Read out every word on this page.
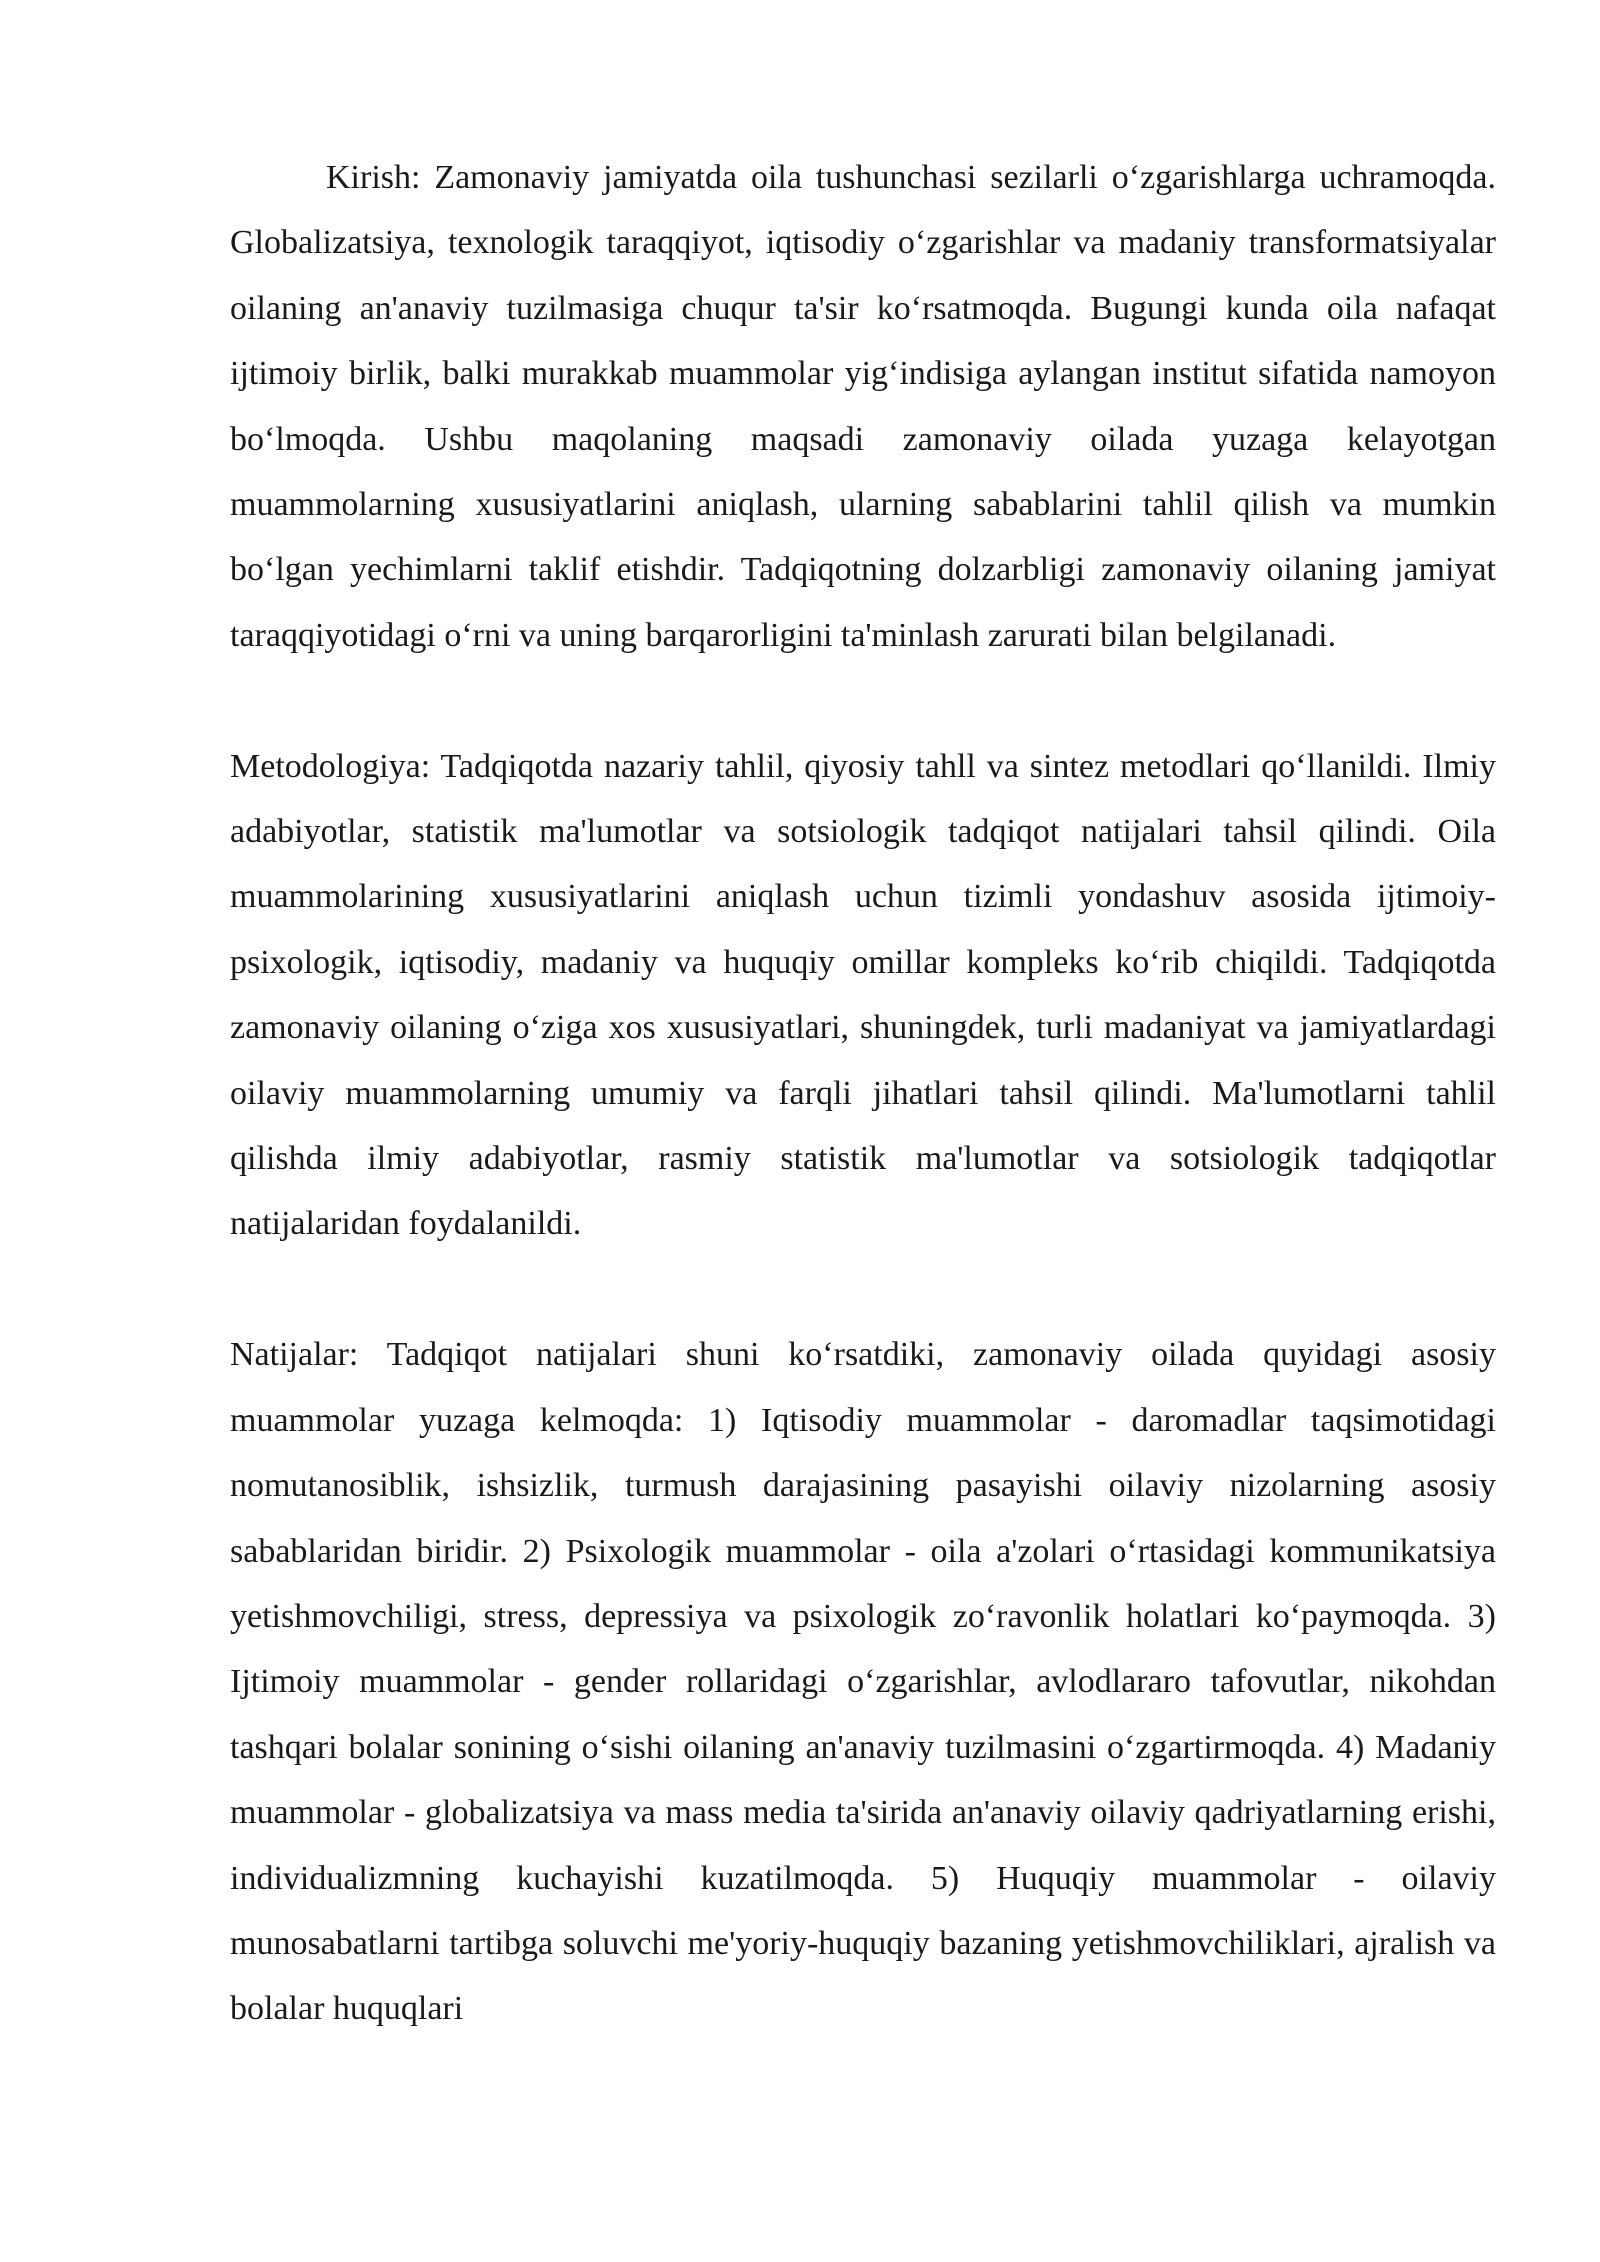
Kirish: Zamonaviy jamiyatda oila tushunchasi sezilarli o‘zgarishlarga uchramoqda. Globalizatsiya, texnologik taraqqiyot, iqtisodiy o‘zgarishlar va madaniy transformatsiyalar oilaning an'anaviy tuzilmasiga chuqur ta'sir ko‘rsatmoqda. Bugungi kunda oila nafaqat ijtimoiy birlik, balki murakkab muammolar yig‘indisiga aylangan institut sifatida namoyon bo‘lmoqda. Ushbu maqolaning maqsadi zamonaviy oilada yuzaga kelayotgan muammolarning xususiyatlarini aniqlash, ularning sabablarini tahlil qilish va mumkin bo‘lgan yechimlarni taklif etishdir. Tadqiqotning dolzarbligi zamonaviy oilaning jamiyat taraqqiyotidagi o‘rni va uning barqarorligini ta'minlash zarurati bilan belgilanadi.

Metodologiya: Tadqiqotda nazariy tahlil, qiyosiy tahll va sintez metodlari qo‘llanildi. Ilmiy adabiyotlar, statistik ma'lumotlar va sotsiologik tadqiqot natijalari tahsil qilindi. Oila muammolarining xususiyatlarini aniqlash uchun tizimli yondashuv asosida ijtimoiy-psixologik, iqtisodiy, madaniy va huquqiy omillar kompleks ko‘rib chiqildi. Tadqiqotda zamonaviy oilaning o‘ziga xos xususiyatlari, shuningdek, turli madaniyat va jamiyatlardagi oilaviy muammolarning umumiy va farqli jihatlari tahsil qilindi. Ma'lumotlarni tahlil qilishda ilmiy adabiyotlar, rasmiy statistik ma'lumotlar va sotsiologik tadqiqotlar natijalaridan foydalanildi.

Natijalar: Tadqiqot natijalari shuni ko‘rsatdiki, zamonaviy oilada quyidagi asosiy muammolar yuzaga kelmoqda: 1) Iqtisodiy muammolar - daromadlar taqsimotidagi nomutanosiblik, ishsizlik, turmush darajasining pasayishi oilaviy nizolarning asosiy sabablaridan biridir. 2) Psixologik muammolar - oila a'zolari o‘rtasidagi kommunikatsiya yetishmovchiligi, stress, depressiya va psixologik zo‘ravonlik holatlari ko‘paymoqda. 3) Ijtimoiy muammolar - gender rollaridagi o‘zgarishlar, avlodlararo tafovutlar, nikohdan tashqari bolalar sonining o‘sishi oilaning an'anaviy tuzilmasini o‘zgartirmoqda. 4) Madaniy muammolar - globalizatsiya va mass media ta'sirida an'anaviy oilaviy qadriyatlarning erishi, individualizmning kuchayishi kuzatilmoqda. 5) Huquqiy muammolar - oilaviy munosabatlarni tartibga soluvchi me'yoriy-huquqiy bazaning yetishmovchiliklari, ajralish va bolalar huquqlari
